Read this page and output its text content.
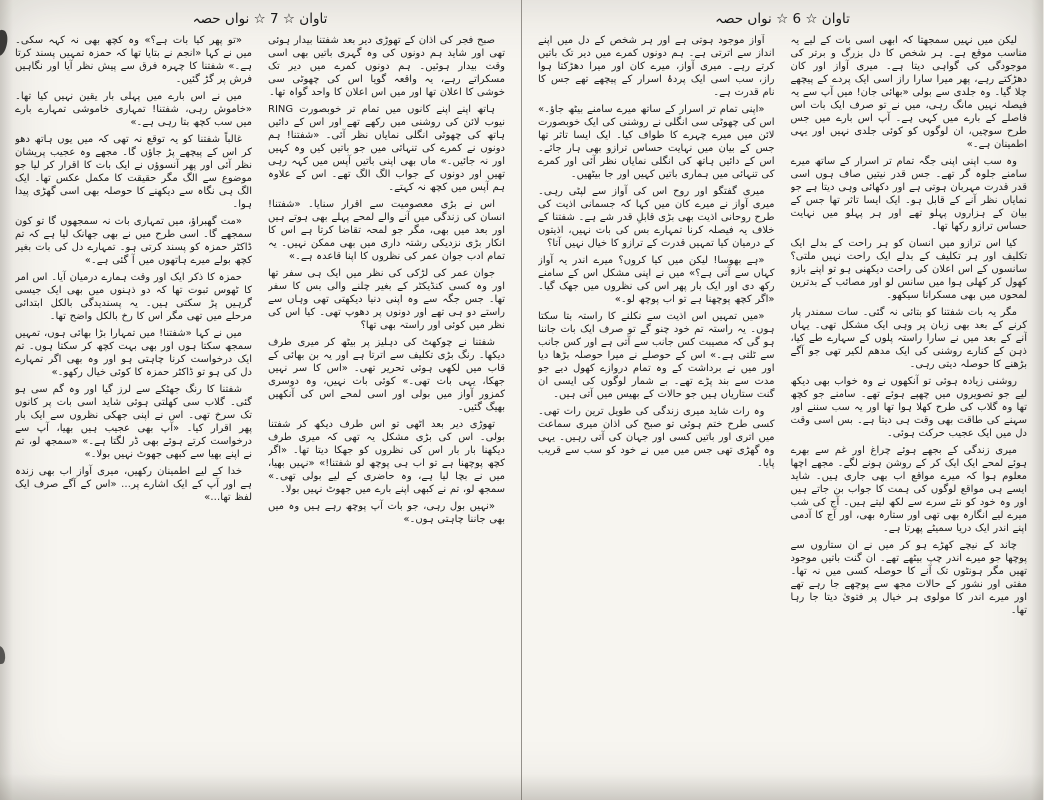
تاوان ☆ 7 ☆ نواں حصہ

صبح فجر کی اذان کے تھوڑی دیر بعد شفتنا بیدار ہوئی تھی اور شاید ہم دونوں کی وہ گہری باتیں بھی اسی وقت بیدار ہوئیں۔ ہم دونوں کمرے میں دیر تک مسکراتے رہے، یہ واقعہ گویا اس کی چھوٹی سی خوشی کا اعلان تھا اور میں اس اعلان کا واحد گواہ تھا۔

ہاتھ اپنے اپنے کانوں میں تمام تر خوبصورت RING نیوب لائن کی روشنی میں رکھے تھے اور اس کے دائیں ہاتھ کی چھوٹی انگلی نمایاں نظر آئی۔ «شفتنا! ہم دونوں نے کمرے کی تنہائی میں جو باتیں کیں وہ کہیں اور نہ جائیں۔» ماں بھی اپنی باتیں آپس میں کہہ رہی تھیں اور دونوں کے جواب الگ الگ تھے۔ اس کے علاوہ ہم آپس میں کچھ نہ کہتے۔

اس نے بڑی معصومیت سے اقرار سنایا۔ «شفتنا! انسان کی زندگی میں آنے والے لمحے پہلے بھی ہوتے ہیں اور بعد میں بھی، مگر جو لمحہ تقاضا کرتا ہے اس کا انکار بڑی نزدیکی رشتہ داری میں بھی ممکن نہیں۔ یہ تمام ادب جوان عمر کی نظروں کا اپنا قاعدہ ہے۔»

جوان عمر کی لڑکی کی نظر میں ایک ہی سفر تھا اور وہ کسی کنڈیکٹر کے بغیر چلنے والی بس کا سفر تھا۔ جس جگہ سے وہ اپنی دنیا دیکھتی تھی وہاں سے راستے دو ہی تھے اور دونوں پر دھوپ تھی۔ کیا اس کی نظر میں کوئی اور راستہ بھی تھا؟

شفتنا نے چوکھٹ کی دہلیز پر بیٹھ کر میری طرف دیکھا۔ رنگ بڑی تکلیف سے اترتا ہے اور یہ بن بھائی کے قاب میں لکھی ہوئی تحریر تھی۔ «اس کا سر نہیں جھکا، یہی بات تھی۔» کوئی بات نہیں، وہ دوسری کمزور آواز میں بولی اور اسی لمحے اس کی آنکھیں بھیگ گئیں۔

تھوڑی دیر بعد اٹھی تو اس طرف دیکھ کر شفتنا بولی۔ اس کی بڑی مشکل یہ تھی کہ میری طرف دیکھنا بار بار اس کی نظروں کو جھکا دیتا تھا۔ «اگر کچھ پوچھنا ہے تو اب ہی پوچھ لو شفتنا!» «نہیں بھیا، میں نے بچا لیا ہے، وہ حاضری کے لیے بولی تھی۔» سمجھ لو، تم نے کبھی اپنے بارے میں جھوٹ نہیں بولا۔

«نہیں بول رہی، جو بات آپ پوچھ رہے ہیں وہ میں بھی جاننا چاہتی ہوں۔»

«تو پھر کیا بات ہے؟» وہ کچھ بھی نہ کہہ سکی۔ میں نے کہا «انجم نے بتایا تھا کہ حمزہ تمہیں پسند کرتا ہے۔» شفتنا کا چہرہ فرق سے پیش نظر آیا اور نگاہیں فرش پر گڑ گئیں۔

میں نے اس بارے میں پہلی بار یقین نہیں کیا تھا۔ «خاموش رہی، شفتنا! تمہاری خاموشی تمہارے بارے میں سب کچھ بتا رہی ہے۔»

غالباً شفتنا کو یہ توقع نہ تھی کہ میں یوں ہاتھ دھو کر اس کے پیچھے پڑ جاؤں گا۔ مجھے وہ عجیب پریشان نظر آئی اور پھر آنسوؤں نے ایک بات کا اقرار کر لیا جو موضوع سے الگ مگر حقیقت کا مکمل عکس تھا۔ ایک الگ ہی نگاہ سے دیکھنے کا حوصلہ بھی اسی گھڑی پیدا ہوا۔

«مت گھبراؤ، میں تمہاری بات نہ سمجھوں گا تو کون سمجھے گا۔ اسی طرح میں نے بھی جھانک لیا ہے کہ تم ڈاکٹر حمزہ کو پسند کرتی ہو۔ تمہارے دل کی بات بغیر کچھ بولے میرے ہاتھوں میں آ گئی ہے۔»

حمزہ کا ذکر ایک اور وقت ہمارے درمیان آیا۔ اس امر کا ٹھوس ثبوت تھا کہ دو ذہنوں میں بھی ایک جیسی گرہیں پڑ سکتی ہیں۔ یہ پسندیدگی بالکل ابتدائی مرحلے میں تھی مگر اس کا رخ بالکل واضح تھا۔

میں نے کہا «شفتنا! میں تمہارا بڑا بھائی ہوں، تمہیں سمجھ سکتا ہوں اور بھی بہت کچھ کر سکتا ہوں۔ تم ایک درخواست کرنا چاہتی ہو اور وہ بھی اگر تمہارے دل کی ہو تو ڈاکٹر حمزہ کا کوئی خیال رکھو۔»

شفتنا کا رنگ جھٹکے سے لرز گیا اور وہ گم سی ہو گئی۔ گلاب سی کھلتی ہوئی شاید اسی بات پر کانوں تک سرخ تھی۔ اس نے اپنی جھکی نظروں سے ایک بار پھر اقرار کیا۔ «آپ بھی عجیب ہیں بھیا، آپ سے درخواست کرتے ہوئے بھی ڈر لگتا ہے۔» «سمجھ لو، تم نے اپنے بھیا سے کبھی جھوٹ نہیں بولا۔»

خدا کے لیے اطمینان رکھیں، میری آواز اب بھی زندہ ہے اور آپ کے ایک اشارے پر… «اس کے آگے صرف ایک لفظ تھا…»

تاوان ☆ 6 ☆ نواں حصہ

لیکن میں نہیں سمجھتا کہ ابھی اسی بات کے لیے یہ مناسب موقع ہے۔ ہر شخص کا دل بزرگ و برتر کی موجودگی کی گواہی دیتا ہے۔ میری آواز اور کان دھڑکتے رہے، پھر میرا سارا راز اسی ایک پردے کے پیچھے چلا گیا۔ وہ جلدی سے بولی «بھائی جان! میں آپ سے یہ فیصلہ نہیں مانگ رہی، میں نے تو صرف ایک بات اس فاصلے کے بارے میں کہی ہے۔ آپ اس بارے میں جس طرح سوچیں، ان لوگوں کو کوئی جلدی نہیں اور یہی اطمینان ہے۔»

وہ سب اپنی اپنی جگہ تمام تر اسرار کے ساتھ میرے سامنے جلوہ گر تھے۔ جس قدر نیتیں صاف ہوں اسی قدر قدرت مہربان ہوتی ہے اور دکھائی وہی دیتا ہے جو نمایاں نظر آنے کے قابل ہو۔ ایک ایسا تاثر تھا جس کے بیان کے ہزاروں پہلو تھے اور ہر پہلو میں نہایت حساس ترازو رکھا تھا۔

کیا اس ترازو میں انسان کو ہر راحت کے بدلے ایک تکلیف اور ہر تکلیف کے بدلے ایک راحت نہیں ملتی؟ سانسوں کے اس اعلان کی راحت دیکھنی ہو تو اپنے بازو کھول کر کھلی ہوا میں سانس لو اور مصائب کے بدترین لمحوں میں بھی مسکرانا سیکھو۔

مگر یہ بات شفتنا کو بتائی نہ گئی۔ سات سمندر پار کرنے کے بعد بھی زبان پر وہی ایک مشکل تھی۔ یہاں آنے کے بعد میں نے سارا راستہ پلوں کے سہارے طے کیا، ذہن کے کنارے روشنی کی ایک مدھم لکیر تھی جو آگے بڑھنے کا حوصلہ دیتی رہی۔

روشنی زیادہ ہوئی تو آنکھوں نے وہ خواب بھی دیکھ لیے جو تصویروں میں چھپے ہوئے تھے۔ سامنے جو کچھ تھا وہ گلاب کی طرح کھلا ہوا تھا اور یہ سب سننے اور سہنے کی طاقت بھی وقت ہی دیتا ہے۔ بس اسی وقت دل میں ایک عجیب حرکت ہوئی۔

میری زندگی کے بجھے ہوئے چراغ اور غم سے بھرے ہوئے لمحے ایک ایک کر کے روشن ہونے لگے۔ مجھے اچھا معلوم ہوا کہ میرے مواقع اب بھی جاری ہیں۔ شاید ایسے ہی مواقع لوگوں کی ہمت کا جواب بن جاتے ہیں اور وہ خود کو نئے سرے سے لکھ لیتے ہیں۔ آج کی شب میرے لیے انگارہ بھی تھی اور ستارہ بھی، اور آج کا آدمی اپنے اندر ایک دریا سمیٹے پھرتا ہے۔

چاند کے نیچے کھڑے ہو کر میں نے ان ستاروں سے پوچھا جو میرے اندر چپ بیٹھے تھے۔ ان گنت باتیں موجود تھیں مگر ہونٹوں تک آنے کا حوصلہ کسی میں نہ تھا۔ مفتی اور نشور کے حالات مجھ سے پوچھے جا رہے تھے اور میرے اندر کا مولوی ہر خیال پر فتویٰ دیتا جا رہا تھا۔

آواز موجود ہوتی ہے اور ہر شخص کے دل میں اپنے انداز سے اترتی ہے۔ ہم دونوں کمرے میں دیر تک باتیں کرتے رہے۔ میری آواز، میرے کان اور میرا دھڑکتا ہوا راز، سب اسی ایک پردۂ اسرار کے پیچھے تھے جس کا نام قدرت ہے۔

«اپنی تمام تر اسرار کے ساتھ میرے سامنے بیٹھ جاؤ۔» اس کی چھوٹی سی انگلی نے روشنی کی ایک خوبصورت لائن میں میرے چہرے کا طواف کیا۔ ایک ایسا تاثر تھا جس کے بیان میں نہایت حساس ترازو بھی ہار جائے۔ اس کے دائیں ہاتھ کی انگلی نمایاں نظر آئی اور کمرے کی تنہائی میں ہماری باتیں کہیں اور جا بیٹھیں۔

میری گفتگو اور روح اس کی آواز سے لپٹی رہی۔ میری آواز نے میرے کان میں کہا کہ جسمانی اذیت کی طرح روحانی اذیت بھی بڑی قابلِ قدر شے ہے۔ شفتنا کے خلاف یہ فیصلہ کرنا تمہارے بس کی بات نہیں، اذیتوں کے درمیان کیا تمہیں قدرت کے ترازو کا خیال نہیں آتا؟

«ہے بھوسا! لیکن میں کیا کروں؟ میرے اندر یہ آواز کہاں سے آتی ہے؟» میں نے اپنی مشکل اس کے سامنے رکھ دی اور ایک بار پھر اس کی نظروں میں جھک گیا۔ «اگر کچھ پوچھنا ہے تو اب پوچھ لو۔»

«میں تمہیں اس اذیت سے نکلنے کا راستہ بتا سکتا ہوں۔ یہ راستہ تم خود چنو گے تو صرف ایک بات جاننا ہو گی کہ مصیبت کس جانب سے آتی ہے اور کس جانب سے ٹلتی ہے۔» اس کے حوصلے نے میرا حوصلہ بڑھا دیا اور میں نے برداشت کے وہ تمام دروازے کھول دیے جو مدت سے بند پڑے تھے۔ بے شمار لوگوں کی ایسی ان گنت ستاریاں ہیں جو حالات کے بھیس میں آتی ہیں۔

وہ رات شاید میری زندگی کی طویل ترین رات تھی۔ کسی طرح ختم ہوئی تو صبح کی اذان میری سماعت میں اتری اور باتیں کسی اور جہان کی آتی رہیں۔ یہی وہ گھڑی تھی جس میں میں نے خود کو سب سے قریب پایا۔
